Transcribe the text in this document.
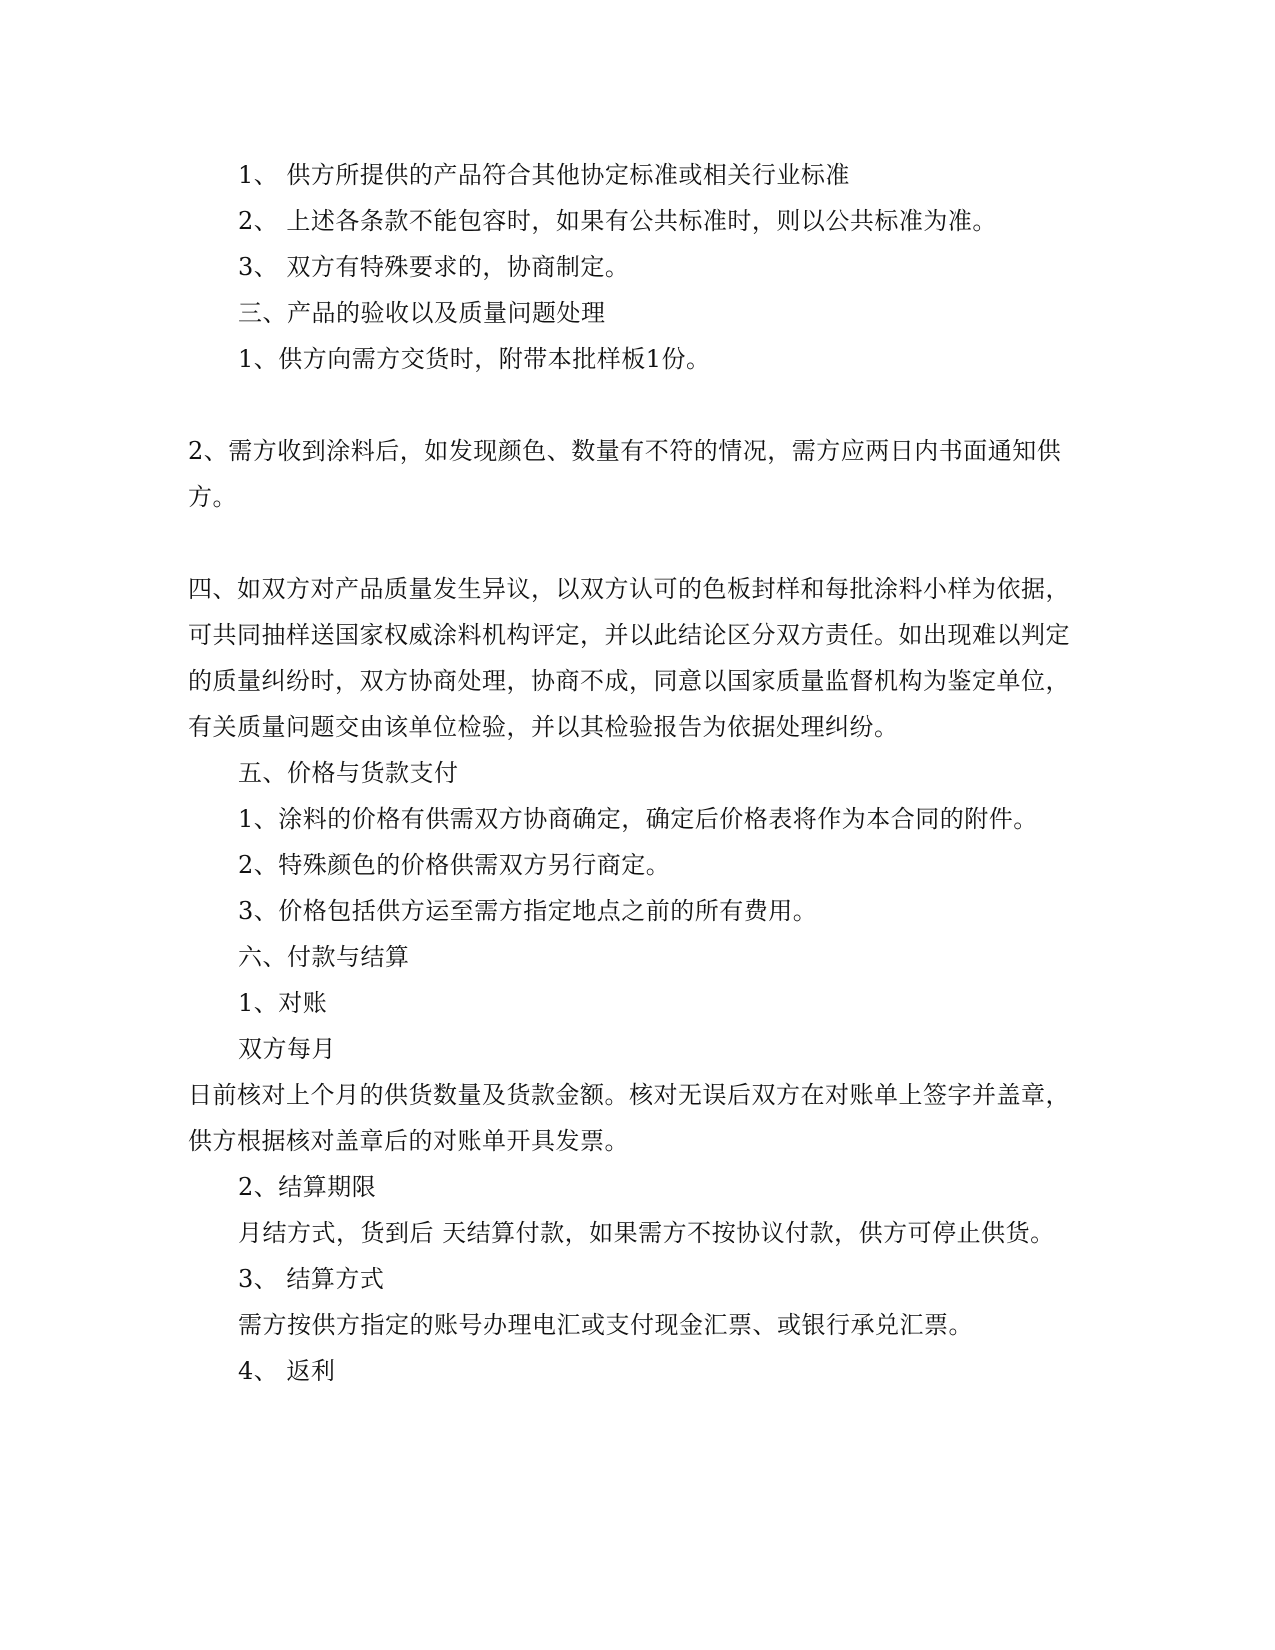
1、 供方所提供的产品符合其他协定标准或相关行业标准
2、 上述各条款不能包容时，如果有公共标准时，则以公共标准为准。
3、 双方有特殊要求的，协商制定。
三、产品的验收以及质量问题处理
1、供方向需方交货时，附带本批样板1份。
2、需方收到涂料后，如发现颜色、数量有不符的情况，需方应两日内书面通知供
方。
四、如双方对产品质量发生异议，以双方认可的色板封样和每批涂料小样为依据，
可共同抽样送国家权威涂料机构评定，并以此结论区分双方责任。如出现难以判定
的质量纠纷时，双方协商处理，协商不成，同意以国家质量监督机构为鉴定单位，
有关质量问题交由该单位检验，并以其检验报告为依据处理纠纷。
五、价格与货款支付
1、涂料的价格有供需双方协商确定，确定后价格表将作为本合同的附件。
2、特殊颜色的价格供需双方另行商定。
3、价格包括供方运至需方指定地点之前的所有费用。
六、付款与结算
1、对账
双方每月
日前核对上个月的供货数量及货款金额。核对无误后双方在对账单上签字并盖章，
供方根据核对盖章后的对账单开具发票。
2、结算期限
月结方式，货到后 天结算付款，如果需方不按协议付款，供方可停止供货。
3、 结算方式
需方按供方指定的账号办理电汇或支付现金汇票、或银行承兑汇票。
4、 返利
